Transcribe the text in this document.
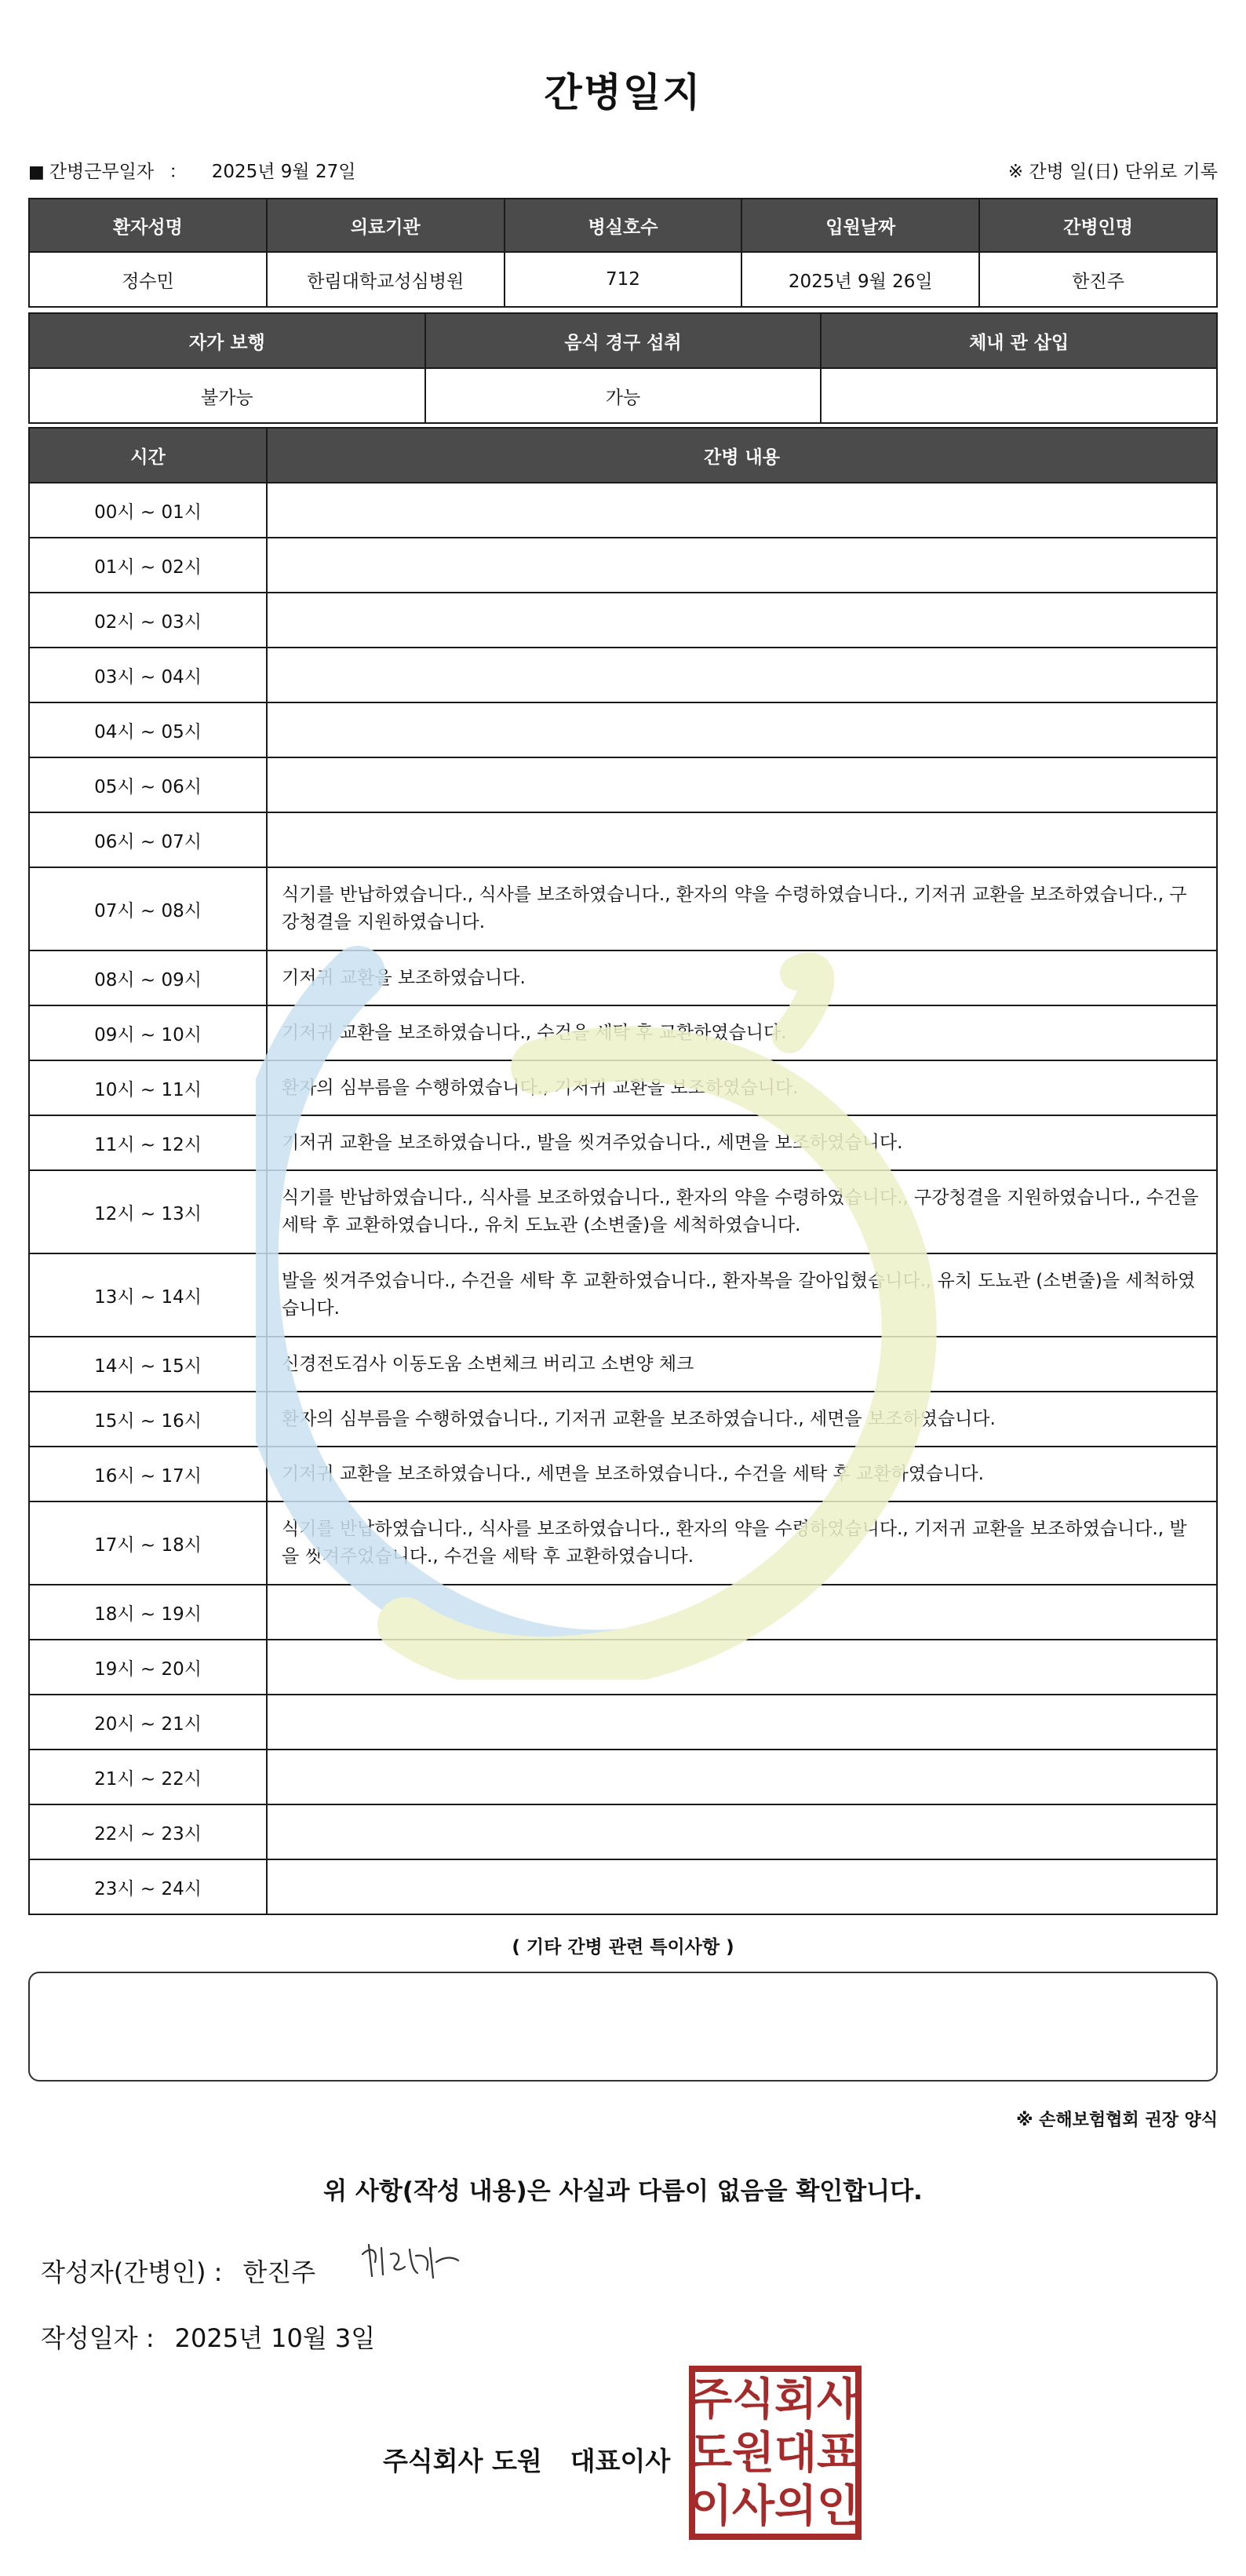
간병일지
■ 간병근무일자 ： 2025년 9월 27일	※ 간병 일(日) 단위로 기록
환자성명	의료기관	병실호수	입원날짜	간병인명
정수민	한림대학교성심병원	712	2025년 9월 26일	한진주
자가 보행	음식 경구 섭취	체내 관 삽입
불가능	가능	
시간	간병 내용
00시 ~ 01시	
01시 ~ 02시	
02시 ~ 03시	
03시 ~ 04시	
04시 ~ 05시	
05시 ~ 06시	
06시 ~ 07시	
07시 ~ 08시	식기를 반납하였습니다., 식사를 보조하였습니다., 환자의 약을 수령하였습니다., 기저귀 교환을 보조하였습니다., 구강청결을 지원하였습니다.
08시 ~ 09시	기저귀 교환을 보조하였습니다.
09시 ~ 10시	기저귀 교환을 보조하였습니다., 수건을 세탁 후 교환하였습니다.
10시 ~ 11시	환자의 심부름을 수행하였습니다., 기저귀 교환을 보조하였습니다.
11시 ~ 12시	기저귀 교환을 보조하였습니다., 발을 씻겨주었습니다., 세면을 보조하였습니다.
12시 ~ 13시	식기를 반납하였습니다., 식사를 보조하였습니다., 환자의 약을 수령하였습니다., 구강청결을 지원하였습니다., 수건을 세탁 후 교환하였습니다., 유치 도뇨관 (소변줄)을 세척하였습니다.
13시 ~ 14시	발을 씻겨주었습니다., 수건을 세탁 후 교환하였습니다., 환자복을 갈아입혔습니다., 유치 도뇨관 (소변줄)을 세척하였습니다.
14시 ~ 15시	신경전도검사 이동도움 소변체크 버리고 소변양 체크
15시 ~ 16시	환자의 심부름을 수행하였습니다., 기저귀 교환을 보조하였습니다., 세면을 보조하였습니다.
16시 ~ 17시	기저귀 교환을 보조하였습니다., 세면을 보조하였습니다., 수건을 세탁 후 교환하였습니다.
17시 ~ 18시	식기를 반납하였습니다., 식사를 보조하였습니다., 환자의 약을 수령하였습니다., 기저귀 교환을 보조하였습니다., 발을 씻겨주었습니다., 수건을 세탁 후 교환하였습니다.
18시 ~ 19시	
19시 ~ 20시	
20시 ~ 21시	
21시 ~ 22시	
22시 ~ 23시	
23시 ~ 24시	
( 기타 간병 관련 특이사항 )
※ 손해보험협회 권장 양식
위 사항(작성 내용)은 사실과 다름이 없음을 확인합니다.
작성자(간병인) : 한진주
작성일자 : 2025년 10월 3일
주식회사 도원 대표이사
주 식 회 사
도 원 대 표
이 사 의 인
